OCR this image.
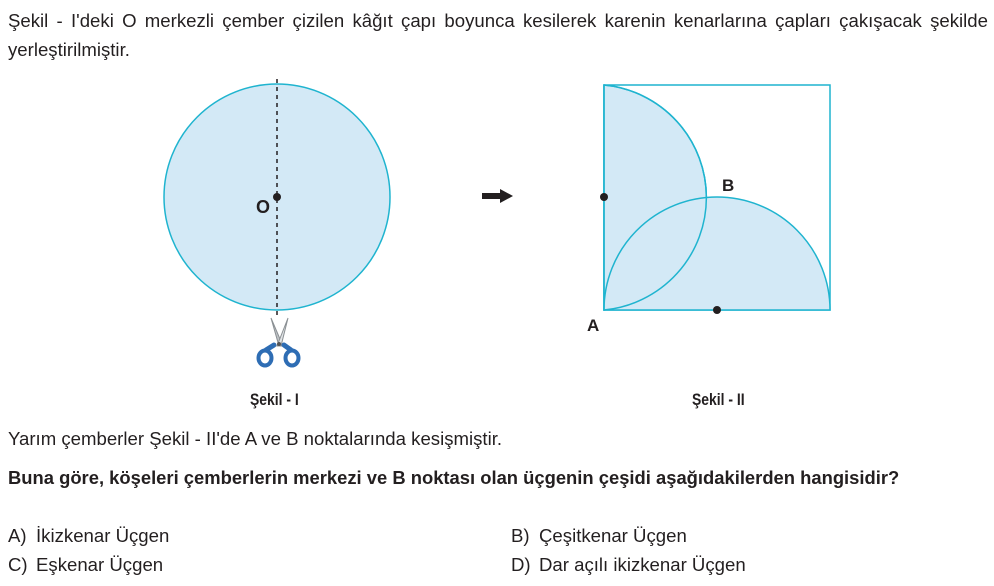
Şekil - I'deki O merkezli çember çizilen kâğıt çapı boyunca kesilerek karenin kenarlarına çapları çakışacak şekilde yerleştirilmiştir.
O
B
A
Şekil - I	Şekil - II
Yarım çemberler Şekil - II'de A ve B noktalarında kesişmiştir.
Buna göre, köşeleri çemberlerin merkezi ve B noktası olan üçgenin çeşidi aşağıdakilerden hangisidir?
A) İkizkenar Üçgen	B) Çeşitkenar Üçgen
C) Eşkenar Üçgen	D) Dar açılı ikizkenar Üçgen
